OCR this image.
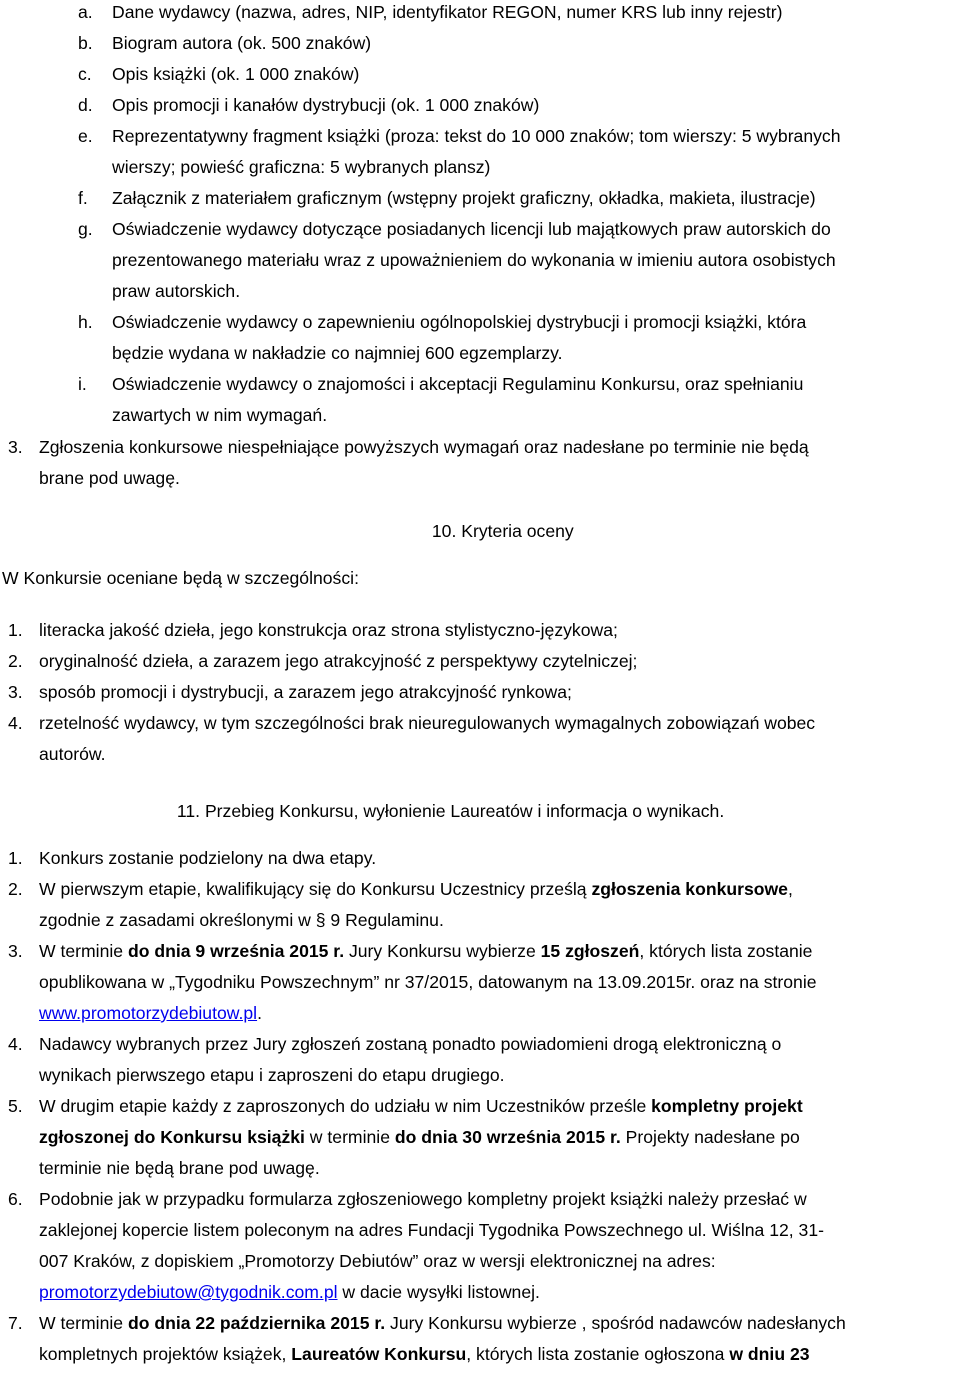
a. Dane wydawcy (nazwa, adres, NIP, identyfikator REGON, numer KRS lub inny rejestr)
b. Biogram autora (ok. 500 znaków)
c. Opis książki (ok. 1 000 znaków)
d. Opis promocji i kanałów dystrybucji (ok. 1 000 znaków)
e. Reprezentatywny fragment książki (proza: tekst do 10 000 znaków; tom wierszy: 5 wybranych
wierszy; powieść graficzna: 5 wybranych plansz)
f. Załącznik z materiałem graficznym (wstępny projekt graficzny, okładka, makieta, ilustracje)
g. Oświadczenie wydawcy dotyczące posiadanych licencji lub majątkowych praw autorskich do
prezentowanego materiału wraz z upoważnieniem do wykonania w imieniu autora osobistych
praw autorskich.
h. Oświadczenie wydawcy o zapewnieniu ogólnopolskiej dystrybucji i promocji książki, która
będzie wydana w nakładzie co najmniej 600 egzemplarzy.
i. Oświadczenie wydawcy o znajomości i akceptacji Regulaminu Konkursu, oraz spełnianiu
zawartych w nim wymagań.
3. Zgłoszenia konkursowe niespełniające powyższych wymagań oraz nadesłane po terminie nie będą
brane pod uwagę.
10. Kryteria oceny
W Konkursie oceniane będą w szczególności:
1. literacka jakość dzieła, jego konstrukcja oraz strona stylistyczno-językowa;
2. oryginalność dzieła, a zarazem jego atrakcyjność z perspektywy czytelniczej;
3. sposób promocji i dystrybucji, a zarazem jego atrakcyjność rynkowa;
4. rzetelność wydawcy, w tym szczególności brak nieuregulowanych wymagalnych zobowiązań wobec
autorów.
11. Przebieg Konkursu, wyłonienie Laureatów i informacja o wynikach.
1. Konkurs zostanie podzielony na dwa etapy.
2. W pierwszym etapie, kwalifikujący się do Konkursu Uczestnicy prześlą zgłoszenia konkursowe,
zgodnie z zasadami określonymi w § 9 Regulaminu.
3. W terminie do dnia 9 września 2015 r. Jury Konkursu wybierze 15 zgłoszeń, których lista zostanie
opublikowana w „Tygodniku Powszechnym” nr 37/2015, datowanym na 13.09.2015r. oraz na stronie
www.promotorzydebiutow.pl.
4. Nadawcy wybranych przez Jury zgłoszeń zostaną ponadto powiadomieni drogą elektroniczną o
wynikach pierwszego etapu i zaproszeni do etapu drugiego.
5. W drugim etapie każdy z zaproszonych do udziału w nim Uczestników prześle kompletny projekt
zgłoszonej do Konkursu książki w terminie do dnia 30 września 2015 r. Projekty nadesłane po
terminie nie będą brane pod uwagę.
6. Podobnie jak w przypadku formularza zgłoszeniowego kompletny projekt książki należy przesłać w
zaklejonej kopercie listem poleconym na adres Fundacji Tygodnika Powszechnego ul. Wiślna 12, 31-
007 Kraków, z dopiskiem „Promotorzy Debiutów” oraz w wersji elektronicznej na adres:
promotorzydebiutow@tygodnik.com.pl w dacie wysyłki listownej.
7. W terminie do dnia 22 października 2015 r. Jury Konkursu wybierze , spośród nadawców nadesłanych
kompletnych projektów książek, Laureatów Konkursu, których lista zostanie ogłoszona w dniu 23
